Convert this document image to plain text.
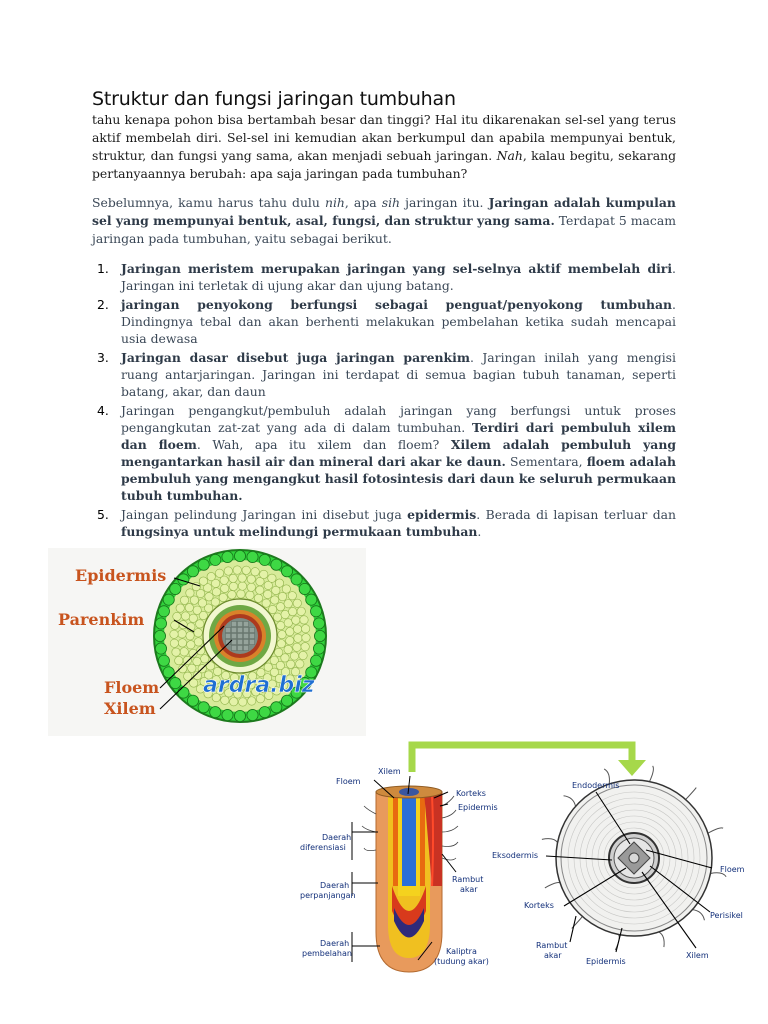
Struktur dan fungsi jaringan tumbuhan

tahu kenapa pohon bisa bertambah besar dan tinggi? Hal itu dikarenakan sel-sel yang terus aktif membelah diri. Sel-sel ini kemudian akan berkumpul dan apabila mempunyai bentuk, struktur, dan fungsi yang sama, akan menjadi sebuah jaringan. Nah, kalau begitu, sekarang pertanyaannya berubah: apa saja jaringan pada tumbuhan?

Sebelumnya, kamu harus tahu dulu nih, apa sih jaringan itu. Jaringan adalah kumpulan sel yang mempunyai bentuk, asal, fungsi, dan struktur yang sama. Terdapat 5 macam jaringan pada tumbuhan, yaitu sebagai berikut.

1. Jaringan meristem merupakan jaringan yang sel-selnya aktif membelah diri. Jaringan ini terletak di ujung akar dan ujung batang.
2. jaringan penyokong berfungsi sebagai penguat/penyokong tumbuhan. Dindingnya tebal dan akan berhenti melakukan pembelahan ketika sudah mencapai usia dewasa
3. Jaringan dasar disebut juga jaringan parenkim. Jaringan inilah yang mengisi ruang antarjaringan. Jaringan ini terdapat di semua bagian tubuh tanaman, seperti batang, akar, dan daun
4. Jaringan pengangkut/pembuluh adalah jaringan yang berfungsi untuk proses pengangkutan zat-zat yang ada di dalam tumbuhan. Terdiri dari pembuluh xilem dan floem. Wah, apa itu xilem dan floem? Xilem adalah pembuluh yang mengantarkan hasil air dan mineral dari akar ke daun. Sementara, floem adalah pembuluh yang mengangkut hasil fotosintesis dari daun ke seluruh permukaan tubuh tumbuhan.
5. Jaingan pelindung Jaringan ini disebut juga epidermis. Berada di lapisan terluar dan fungsinya untuk melindungi permukaan tumbuhan.
Epidermis
Parenkim
Floem
Xilem
ardra.biz
Xilem
Floem
Korteks
Epidermis
Daerah diferensiasi
Daerah perpanjangan
Daerah pembelahan
Rambut akar
Kaliptra (tudung akar)
Endodermis
Eksodermis
Floem
Korteks
Perisikel
Rambut akar
Epidermis
Xilem
